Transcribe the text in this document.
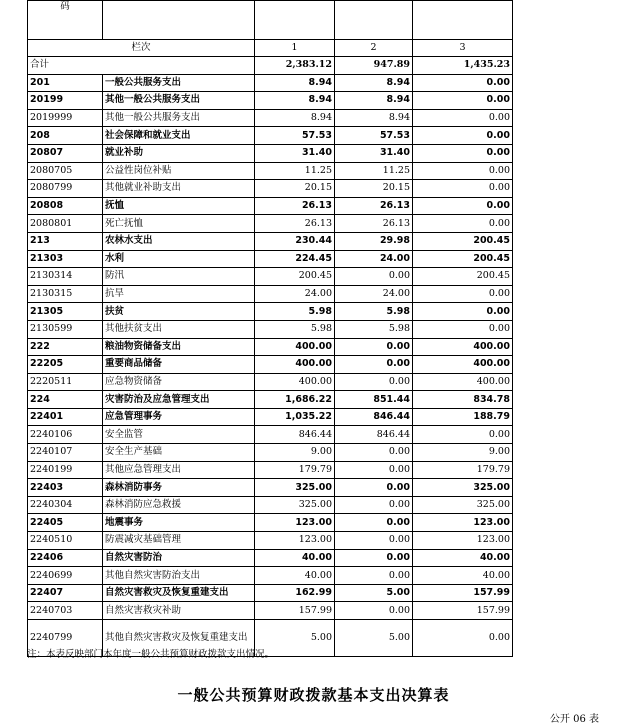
码				
栏次		1	2	3
合计		2,383.12	947.89	1,435.23
201	一般公共服务支出	8.94	8.94	0.00
20199	其他一般公共服务支出	8.94	8.94	0.00
2019999	其他一般公共服务支出	8.94	8.94	0.00
208	社会保障和就业支出	57.53	57.53	0.00
20807	就业补助	31.40	31.40	0.00
2080705	公益性岗位补贴	11.25	11.25	0.00
2080799	其他就业补助支出	20.15	20.15	0.00
20808	抚恤	26.13	26.13	0.00
2080801	死亡抚恤	26.13	26.13	0.00
213	农林水支出	230.44	29.98	200.45
21303	水利	224.45	24.00	200.45
2130314	防汛	200.45	0.00	200.45
2130315	抗旱	24.00	24.00	0.00
21305	扶贫	5.98	5.98	0.00
2130599	其他扶贫支出	5.98	5.98	0.00
222	粮油物资储备支出	400.00	0.00	400.00
22205	重要商品储备	400.00	0.00	400.00
2220511	应急物资储备	400.00	0.00	400.00
224	灾害防治及应急管理支出	1,686.22	851.44	834.78
22401	应急管理事务	1,035.22	846.44	188.79
2240106	安全监管	846.44	846.44	0.00
2240107	安全生产基础	9.00	0.00	9.00
2240199	其他应急管理支出	179.79	0.00	179.79
22403	森林消防事务	325.00	0.00	325.00
2240304	森林消防应急救援	325.00	0.00	325.00
22405	地震事务	123.00	0.00	123.00
2240510	防震减灾基础管理	123.00	0.00	123.00
22406	自然灾害防治	40.00	0.00	40.00
2240699	其他自然灾害防治支出	40.00	0.00	40.00
22407	自然灾害救灾及恢复重建支出	162.99	5.00	157.99
2240703	自然灾害救灾补助	157.99	0.00	157.99
2240799	其他自然灾害救灾及恢复重建支出	5.00	5.00	0.00
注：本表反映部门本年度一般公共预算财政拨款支出情况。
一般公共预算财政拨款基本支出决算表
公开 06 表
